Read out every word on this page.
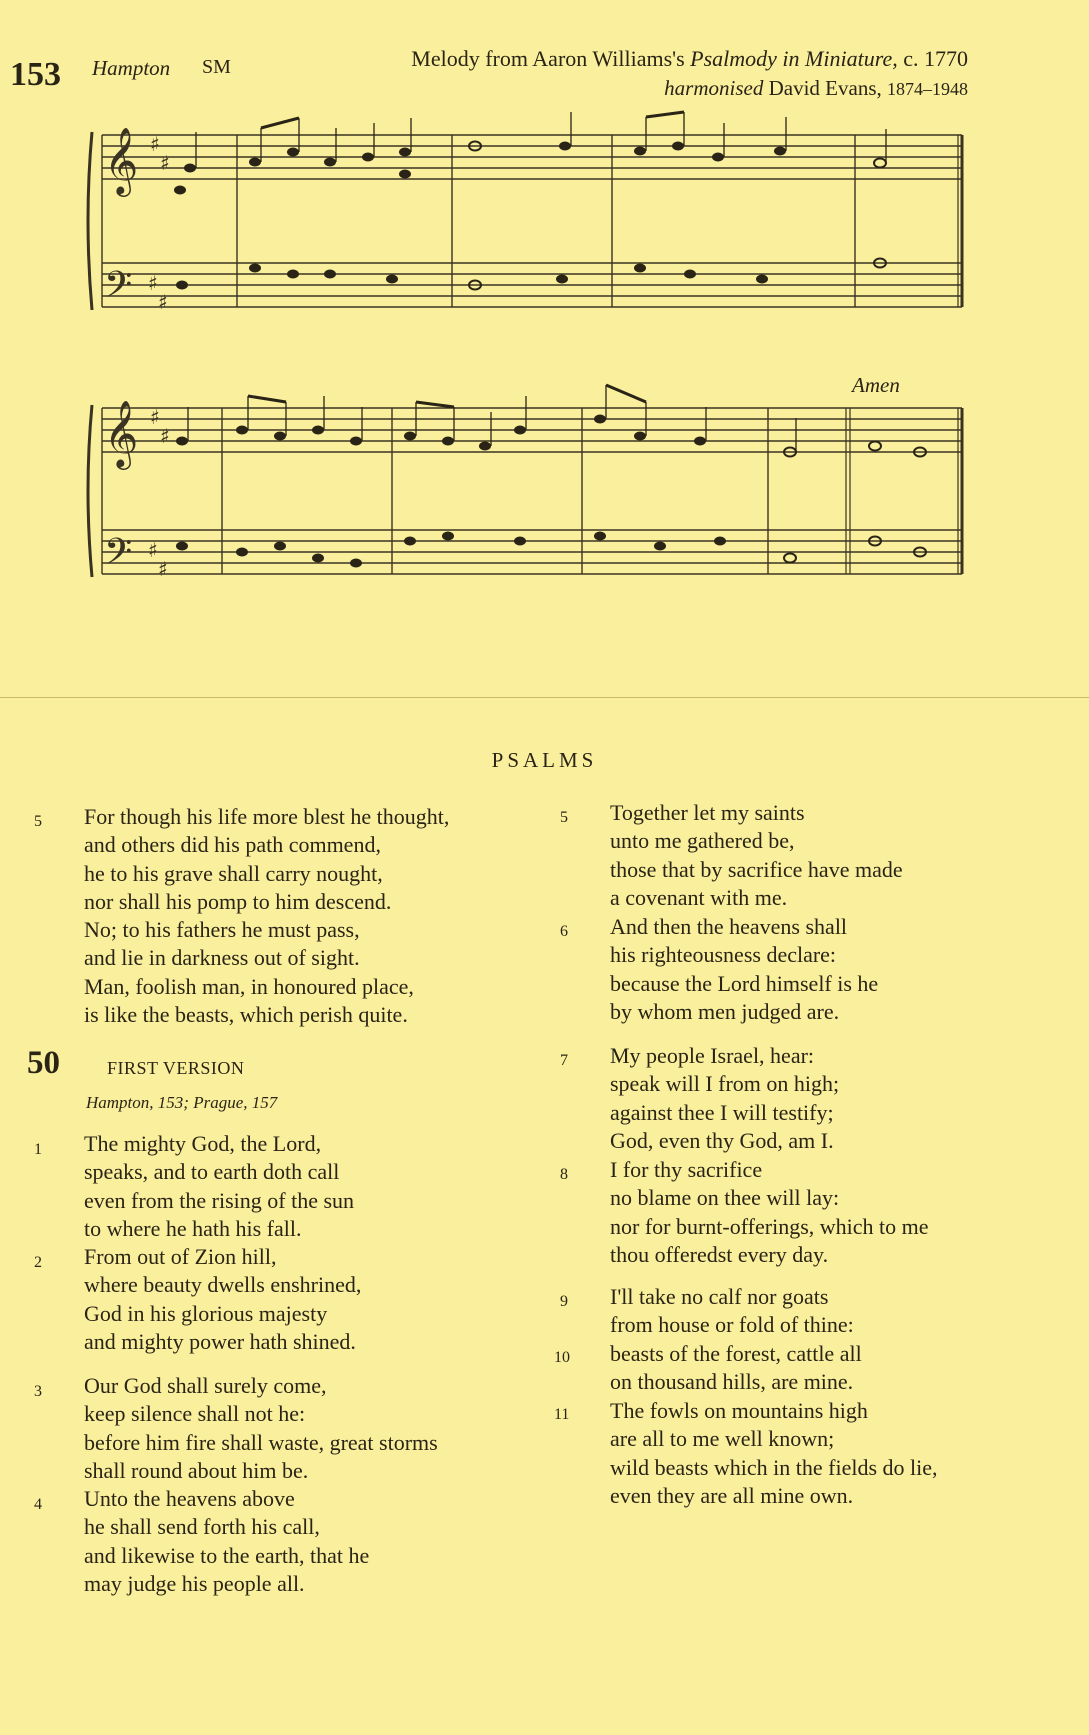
153 Hampton SM	Melody from Aaron Williams's Psalmody in Miniature, c. 1770
harmonised David Evans, 1874–1948
𝄞
𝄞
𝄢
𝄢
♯
♯
♯
♯
♯
♯
♯
♯
Amen
PSALMS
5 For though his life more blest he thought,
and others did his path commend,
he to his grave shall carry nought,
nor shall his pomp to him descend.
No; to his fathers he must pass,
and lie in darkness out of sight.
Man, foolish man, in honoured place,
is like the beasts, which perish quite.
50	FIRST VERSION
Hampton, 153; Prague, 157
1 The mighty God, the Lord,
speaks, and to earth doth call
even from the rising of the sun
to where he hath his fall.
2 From out of Zion hill,
where beauty dwells enshrined,
God in his glorious majesty
and mighty power hath shined.
3 Our God shall surely come,
keep silence shall not he:
before him fire shall waste, great storms
shall round about him be.
4 Unto the heavens above
he shall send forth his call,
and likewise to the earth, that he
may judge his people all.
5 Together let my saints
unto me gathered be,
those that by sacrifice have made
a covenant with me.
6 And then the heavens shall
his righteousness declare:
because the Lord himself is he
by whom men judged are.
7 My people Israel, hear:
speak will I from on high;
against thee I will testify;
God, even thy God, am I.
8 I for thy sacrifice
no blame on thee will lay:
nor for burnt-offerings, which to me
thou offeredst every day.
9 I'll take no calf nor goats
from house or fold of thine:
10 beasts of the forest, cattle all
on thousand hills, are mine.
11 The fowls on mountains high
are all to me well known;
wild beasts which in the fields do lie,
even they are all mine own.
